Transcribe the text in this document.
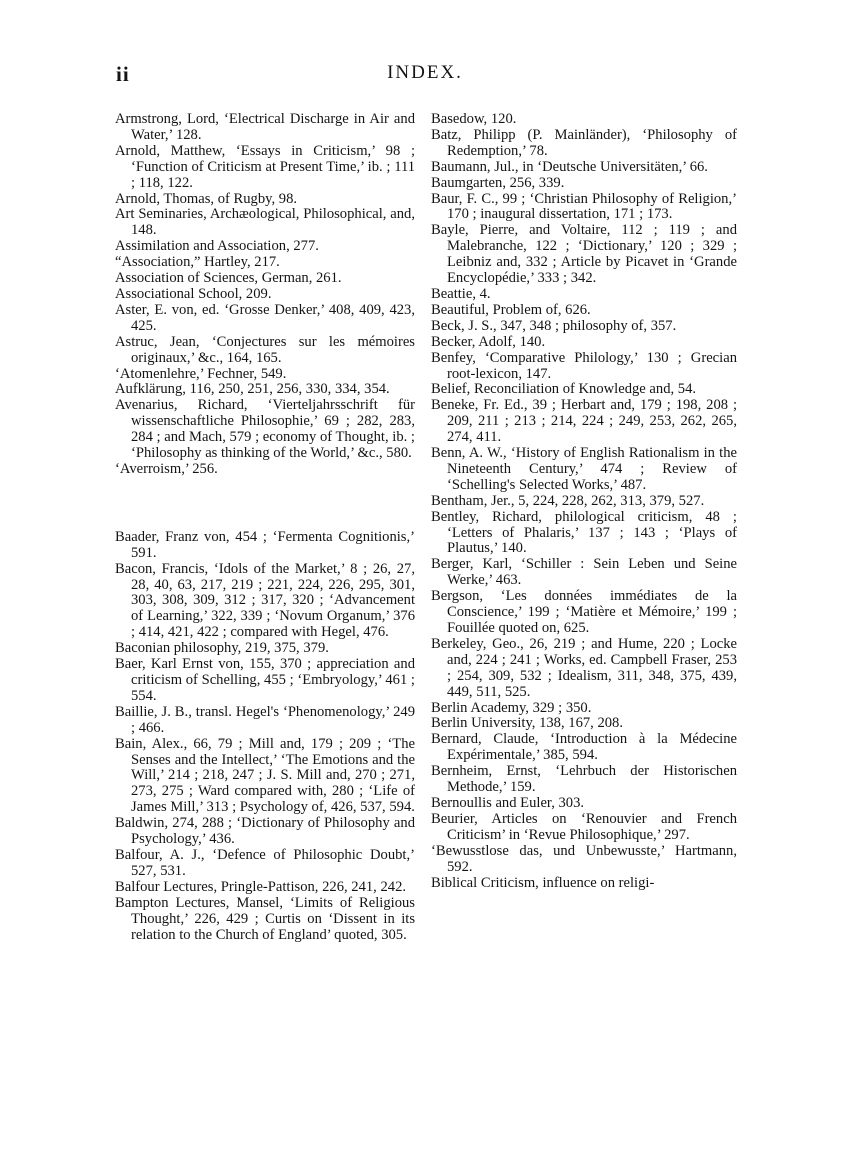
ii	INDEX.

Armstrong, Lord, ‘Electrical Discharge in Air and Water,’ 128.

Arnold, Matthew, ‘Essays in Criticism,’ 98 ; ‘Function of Criticism at Present Time,’ ib. ; 111 ; 118, 122.

Arnold, Thomas, of Rugby, 98.

Art Seminaries, Archæological, Philosophical, and, 148.

Assimilation and Association, 277.

“Association,” Hartley, 217.

Association of Sciences, German, 261.

Associational School, 209.

Aster, E. von, ed. ‘Grosse Denker,’ 408, 409, 423, 425.

Astruc, Jean, ‘Conjectures sur les mémoires originaux,’ &c., 164, 165.

‘Atomenlehre,’ Fechner, 549.

Aufklärung, 116, 250, 251, 256, 330, 334, 354.

Avenarius, Richard, ‘Vierteljahrsschrift für wissenschaftliche Philosophie,’ 69 ; 282, 283, 284 ; and Mach, 579 ; economy of Thought, ib. ; ‘Philosophy as thinking of the World,’ &c., 580.

‘Averroism,’ 256.

Baader, Franz von, 454 ; ‘Fermenta Cognitionis,’ 591.

Bacon, Francis, ‘Idols of the Market,’ 8 ; 26, 27, 28, 40, 63, 217, 219 ; 221, 224, 226, 295, 301, 303, 308, 309, 312 ; 317, 320 ; ‘Advancement of Learning,’ 322, 339 ; ‘Novum Organum,’ 376 ; 414, 421, 422 ; compared with Hegel, 476.

Baconian philosophy, 219, 375, 379.

Baer, Karl Ernst von, 155, 370 ; appreciation and criticism of Schelling, 455 ; ‘Embryology,’ 461 ; 554.

Baillie, J. B., transl. Hegel's ‘Phenomenology,’ 249 ; 466.

Bain, Alex., 66, 79 ; Mill and, 179 ; 209 ; ‘The Senses and the Intellect,’ ‘The Emotions and the Will,’ 214 ; 218, 247 ; J. S. Mill and, 270 ; 271, 273, 275 ; Ward compared with, 280 ; ‘Life of James Mill,’ 313 ; Psychology of, 426, 537, 594.

Baldwin, 274, 288 ; ‘Dictionary of Philosophy and Psychology,’ 436.

Balfour, A. J., ‘Defence of Philosophic Doubt,’ 527, 531.

Balfour Lectures, Pringle-Pattison, 226, 241, 242.

Bampton Lectures, Mansel, ‘Limits of Religious Thought,’ 226, 429 ; Curtis on ‘Dissent in its relation to the Church of England’ quoted, 305.

Basedow, 120.

Batz, Philipp (P. Mainländer), ‘Philosophy of Redemption,’ 78.

Baumann, Jul., in ‘Deutsche Universitäten,’ 66.

Baumgarten, 256, 339.

Baur, F. C., 99 ; ‘Christian Philosophy of Religion,’ 170 ; inaugural dissertation, 171 ; 173.

Bayle, Pierre, and Voltaire, 112 ; 119 ; and Malebranche, 122 ; ‘Dictionary,’ 120 ; 329 ; Leibniz and, 332 ; Article by Picavet in ‘Grande Encyclopédie,’ 333 ; 342.

Beattie, 4.

Beautiful, Problem of, 626.

Beck, J. S., 347, 348 ; philosophy of, 357.

Becker, Adolf, 140.

Benfey, ‘Comparative Philology,’ 130 ; Grecian root-lexicon, 147.

Belief, Reconciliation of Knowledge and, 54.

Beneke, Fr. Ed., 39 ; Herbart and, 179 ; 198, 208 ; 209, 211 ; 213 ; 214, 224 ; 249, 253, 262, 265, 274, 411.

Benn, A. W., ‘History of English Rationalism in the Nineteenth Century,’ 474 ; Review of ‘Schelling's Selected Works,’ 487.

Bentham, Jer., 5, 224, 228, 262, 313, 379, 527.

Bentley, Richard, philological criticism, 48 ; ‘Letters of Phalaris,’ 137 ; 143 ; ‘Plays of Plautus,’ 140.

Berger, Karl, ‘Schiller : Sein Leben und Seine Werke,’ 463.

Bergson, ‘Les données immédiates de la Conscience,’ 199 ; ‘Matière et Mémoire,’ 199 ; Fouillée quoted on, 625.

Berkeley, Geo., 26, 219 ; and Hume, 220 ; Locke and, 224 ; 241 ; Works, ed. Campbell Fraser, 253 ; 254, 309, 532 ; Idealism, 311, 348, 375, 439, 449, 511, 525.

Berlin Academy, 329 ; 350.

Berlin University, 138, 167, 208.

Bernard, Claude, ‘Introduction à la Médecine Expérimentale,’ 385, 594.

Bernheim, Ernst, ‘Lehrbuch der Historischen Methode,’ 159.

Bernoullis and Euler, 303.

Beurier, Articles on ‘Renouvier and French Criticism’ in ‘Revue Philosophique,’ 297.

‘Bewusstlose das, und Unbewusste,’ Hartmann, 592.

Biblical Criticism, influence on religi-
